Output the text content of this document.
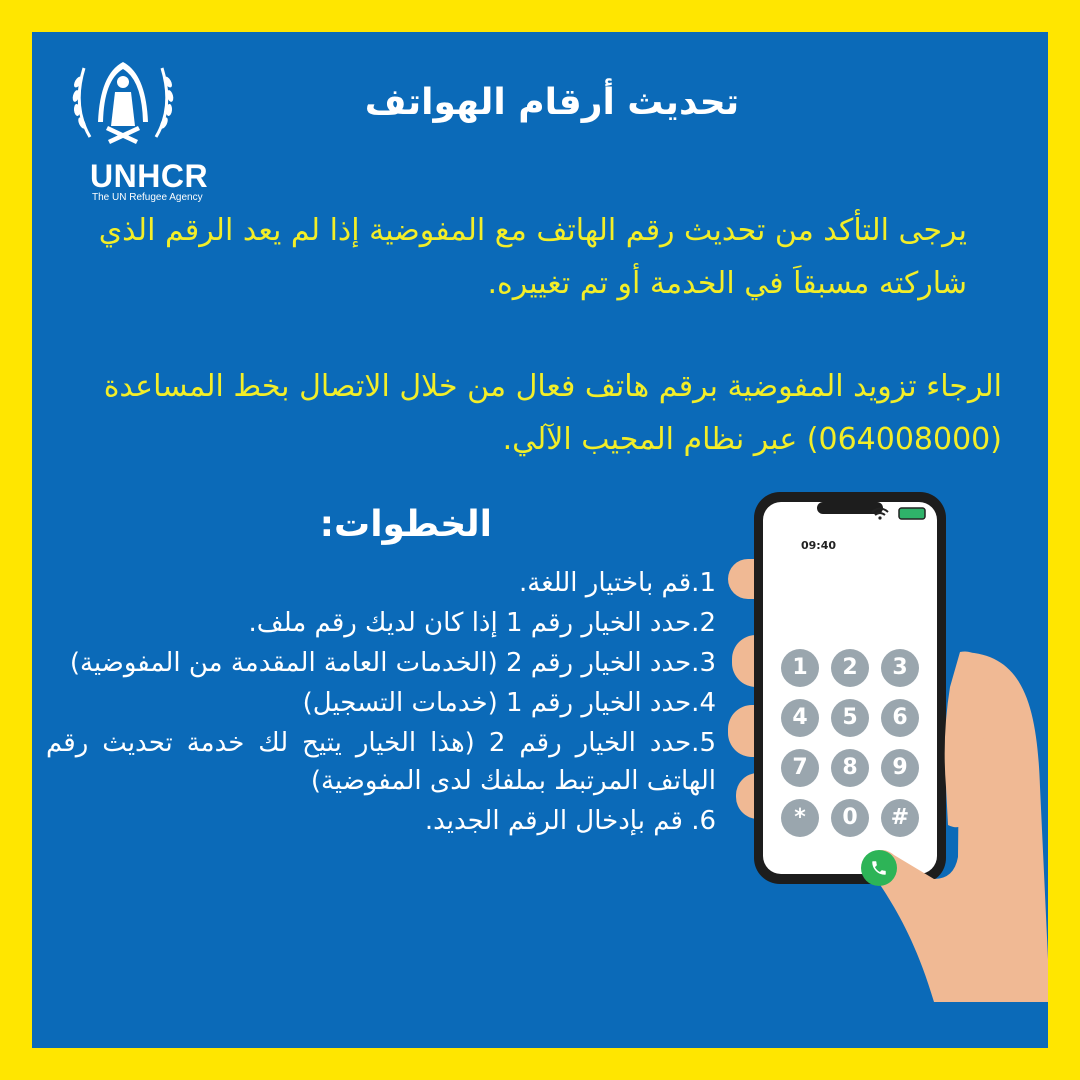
UNHCR
The UN Refugee Agency
تحديث أرقام الهواتف
يرجى التأكد من تحديث رقم الهاتف مع المفوضية إذا لم يعد الرقم الذي شاركته مسبقاَ في الخدمة أو تم تغييره.
الرجاء تزويد المفوضية برقم هاتف فعال من خلال الاتصال بخط المساعدة (064008000) عبر نظام المجيب الآلي.
الخطوات:
1.قم باختيار اللغة.
2.حدد الخيار رقم 1 إذا كان لديك رقم ملف.
3.حدد الخيار رقم 2 (الخدمات العامة المقدمة من المفوضية)
4.حدد الخيار رقم 1 (خدمات التسجيل)
5.حدد الخيار رقم 2 (هذا الخيار يتيح لك خدمة تحديث رقم الهاتف المرتبط بملفك لدى المفوضية)
6. قم بإدخال الرقم الجديد.
09:40
1	2	3
4	5	6
7	8	9
*	0	#
